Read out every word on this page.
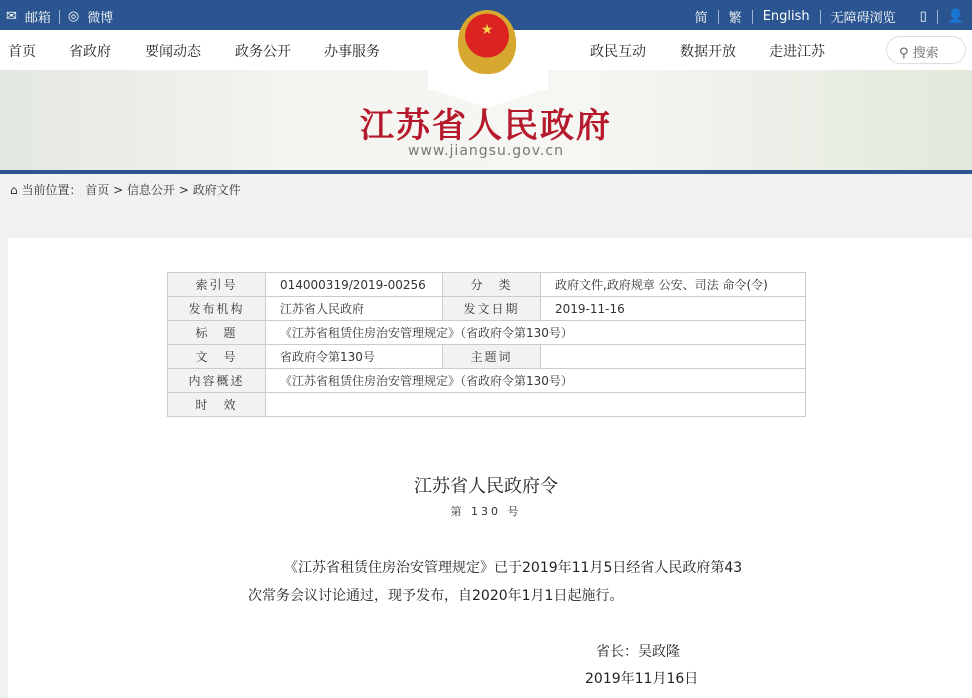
✉ 邮箱 ◎ 微博	简 繁 English 无障碍浏览 ▯ 👤
首页 省政府 要闻动态 政务公开 办事服务	政民互动 数据开放 走进江苏	⚲ 搜索
★
江苏省人民政府
www.jiangsu.gov.cn
⌂ 当前位置： 首页 > 信息公开 > 政府文件
索引号	014000319/2019-00256	分　类	政府文件,政府规章 公安、司法 命令(令)
发布机构	江苏省人民政府	发文日期	2019-11-16
标　题	《江苏省租赁住房治安管理规定》（省政府令第130号）		
文　号	省政府令第130号	主题词	
内容概述	《江苏省租赁住房治安管理规定》（省政府令第130号）		
时　效			
江苏省人民政府令
第 130 号
《江苏省租赁住房治安管理规定》已于2019年11月5日经省人民政府第43
次常务会议讨论通过，现予发布，自2020年1月1日起施行。
省长：吴政隆
2019年11月16日
